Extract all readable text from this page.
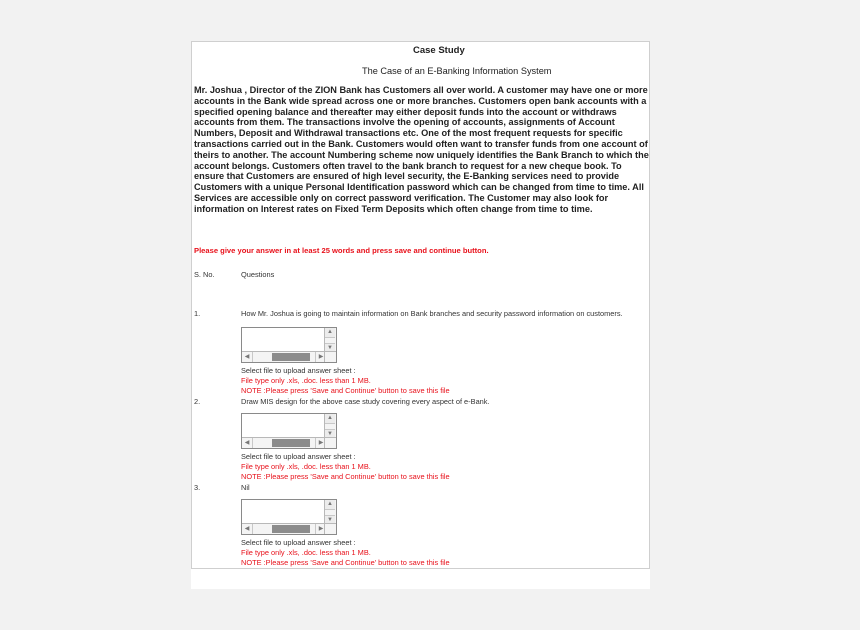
Case Study
The Case of an E-Banking Information System
Mr. Joshua , Director of the ZION Bank has Customers all over world. A customer may have one or more accounts in the Bank wide spread across one or more branches. Customers open bank accounts with a specified opening balance and thereafter may either deposit funds into the account or withdraws accounts from them. The transactions involve the opening of accounts, assignments of Account Numbers, Deposit and Withdrawal transactions etc. One of the most frequent requests for specific transactions carried out in the Bank. Customers would often want to transfer funds from one account of theirs to another. The account Numbering scheme now uniquely identifies the Bank Branch to which the account belongs. Customers often travel to the bank branch to request for a new cheque book. To ensure that Customers are ensured of high level security, the E-Banking services need to provide Customers with a unique Personal Identification password which can be changed from time to time. All Services are accessible only on correct password verification. The Customer may also look for information on Interest rates on Fixed Term Deposits which often change from time to time.
Please give your answer in at least 25 words and press save and continue button.
S. No.	Questions
1.	How Mr. Joshua is going to maintain information on Bank branches and security password information on customers.
▲
▼
◀	▶
Select file to upload answer sheet :
File type only .xls, .doc. less than 1 MB.
NOTE :Please press 'Save and Continue' button to save this file
2.	Draw MIS design for the above case study covering every aspect of e-Bank.
▲
▼
◀	▶
Select file to upload answer sheet :
File type only .xls, .doc. less than 1 MB.
NOTE :Please press 'Save and Continue' button to save this file
3.	Nil
▲
▼
◀	▶
Select file to upload answer sheet :
File type only .xls, .doc. less than 1 MB.
NOTE :Please press 'Save and Continue' button to save this file
